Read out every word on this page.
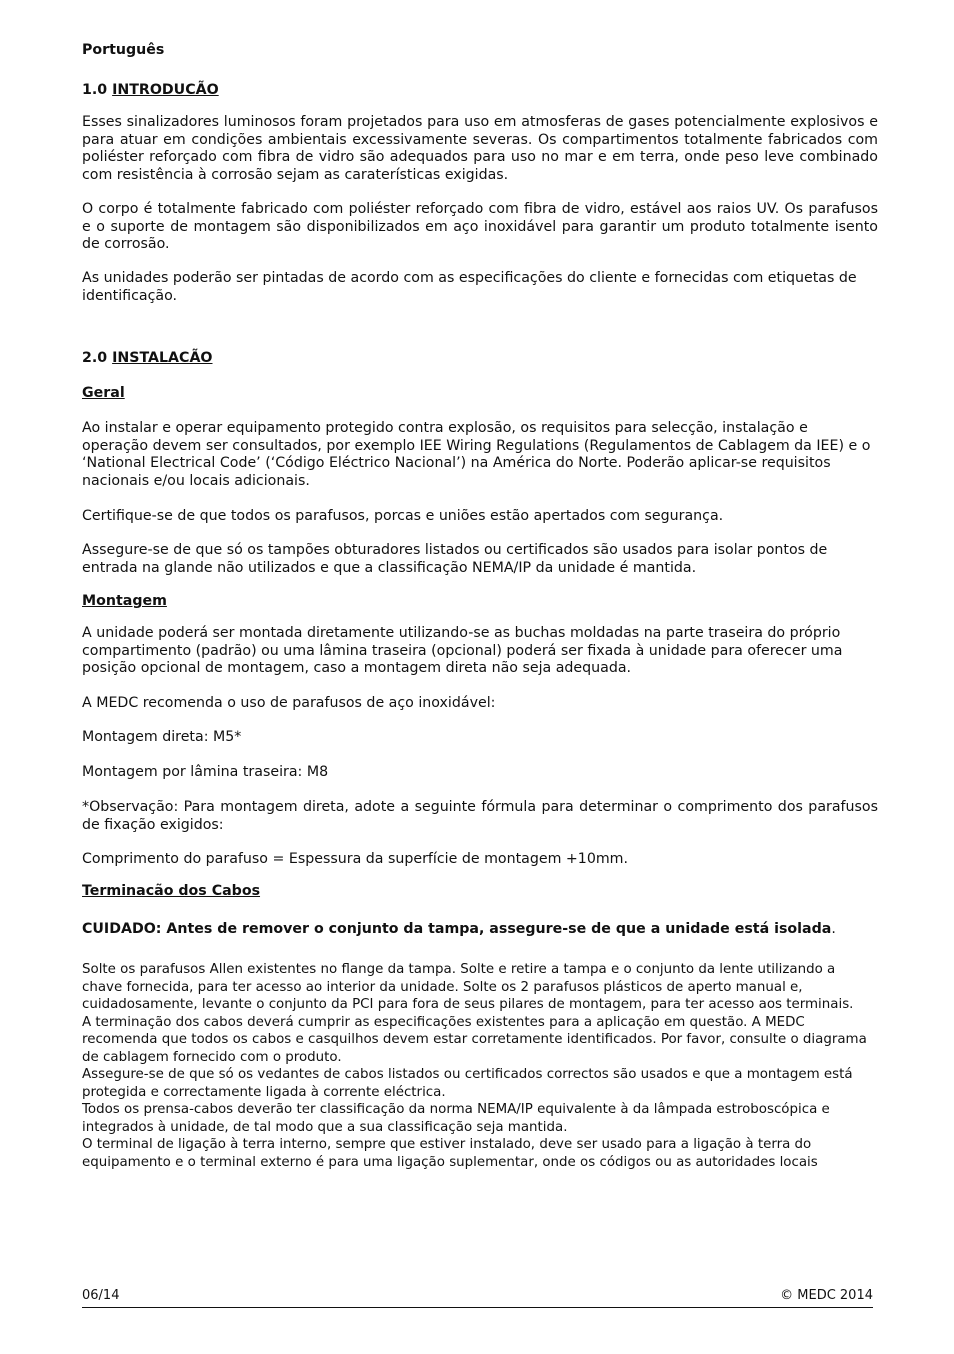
Português

1.0 INTRODUCÃO

Esses sinalizadores luminosos foram projetados para uso em atmosferas de gases potencialmente explosivos e para atuar em condições ambientais excessivamente severas. Os compartimentos totalmente fabricados com poliéster reforçado com fibra de vidro são adequados para uso no mar e em terra, onde peso leve combinado com resistência à corrosão sejam as caraterísticas exigidas.

O corpo é totalmente fabricado com poliéster reforçado com fibra de vidro, estável aos raios UV. Os parafusos e o suporte de montagem são disponibilizados em aço inoxidável para garantir um produto totalmente isento de corrosão.

As unidades poderão ser pintadas de acordo com as especificações do cliente e fornecidas com etiquetas de identificação.

2.0 INSTALACÃO

Geral

Ao instalar e operar equipamento protegido contra explosão, os requisitos para selecção, instalação e operação devem ser consultados, por exemplo IEE Wiring Regulations (Regulamentos de Cablagem da IEE) e o ‘National Electrical Code’ (‘Código Eléctrico Nacional’) na América do Norte. Poderão aplicar-se requisitos nacionais e/ou locais adicionais.

Certifique-se de que todos os parafusos, porcas e uniões estão apertados com segurança.

Assegure-se de que só os tampões obturadores listados ou certificados são usados para isolar pontos de entrada na glande não utilizados e que a classificação NEMA/IP da unidade é mantida.

Montagem

A unidade poderá ser montada diretamente utilizando-se as buchas moldadas na parte traseira do próprio compartimento (padrão) ou uma lâmina traseira (opcional) poderá ser fixada à unidade para oferecer uma posição opcional de montagem, caso a montagem direta não seja adequada.

A MEDC recomenda o uso de parafusos de aço inoxidável:

Montagem direta: M5*

Montagem por lâmina traseira: M8

*Observação: Para montagem direta, adote a seguinte fórmula para determinar o comprimento dos parafusos de fixação exigidos:

Comprimento do parafuso = Espessura da superfície de montagem +10mm.

Terminacão dos Cabos

CUIDADO: Antes de remover o conjunto da tampa, assegure-se de que a unidade está isolada.

Solte os parafusos Allen existentes no flange da tampa. Solte e retire a tampa e o conjunto da lente utilizando a
chave fornecida, para ter acesso ao interior da unidade. Solte os 2 parafusos plásticos de aperto manual e,
cuidadosamente, levante o conjunto da PCI para fora de seus pilares de montagem, para ter acesso aos terminais.
A terminação dos cabos deverá cumprir as especificações existentes para a aplicação em questão. A MEDC
recomenda que todos os cabos e casquilhos devem estar corretamente identificados. Por favor, consulte o diagrama
de cablagem fornecido com o produto.
Assegure-se de que só os vedantes de cabos listados ou certificados correctos são usados e que a montagem está
protegida e correctamente ligada à corrente eléctrica.
Todos os prensa-cabos deverão ter classificação da norma NEMA/IP equivalente à da lâmpada estroboscópica e
integrados à unidade, de tal modo que a sua classificação seja mantida.
O terminal de ligação à terra interno, sempre que estiver instalado, deve ser usado para a ligação à terra do
equipamento e o terminal externo é para uma ligação suplementar, onde os códigos ou as autoridades locais
06/14	© MEDC 2014
